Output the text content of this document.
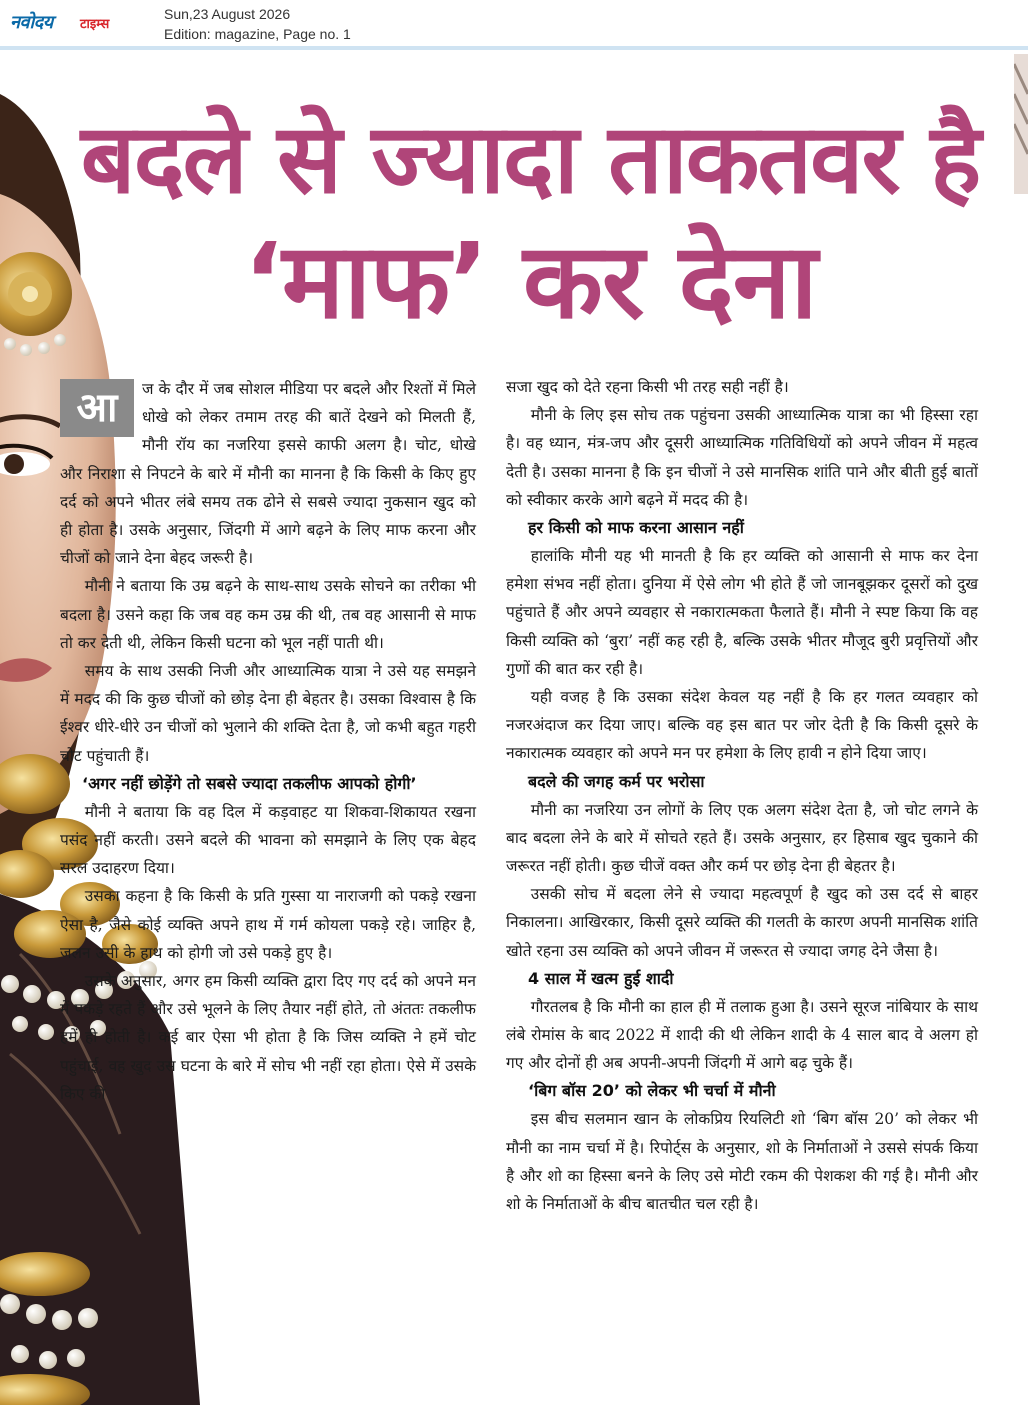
नवोदय टाइम्स
Sun,23 August 2026
Edition: magazine, Page no. 1
बदले से ज्यादा ताकतवर है
‘माफ’ कर देना
आ	ज के दौर में जब सोशल मीडिया पर बदले और रिश्तों में मिले धोखे को लेकर तमाम तरह की बातें देखने को मिलती हैं, मौनी रॉय का नजरिया इससे काफी अलग है। चोट, धोखे और निराशा से निपटने के बारे में मौनी का मानना है कि किसी के किए हुए दर्द को अपने भीतर लंबे समय तक ढोने से सबसे ज्यादा नुकसान खुद को ही होता है। उसके अनुसार, जिंदगी में आगे बढ़ने के लिए माफ करना और चीजों को जाने देना बेहद जरूरी है।

मौनी ने बताया कि उम्र बढ़ने के साथ-साथ उसके सोचने का तरीका भी बदला है। उसने कहा कि जब वह कम उम्र की थी, तब वह आसानी से माफ तो कर देती थी, लेकिन किसी घटना को भूल नहीं पाती थी।

समय के साथ उसकी निजी और आध्यात्मिक यात्रा ने उसे यह समझने में मदद की कि कुछ चीजों को छोड़ देना ही बेहतर है। उसका विश्वास है कि ईश्वर धीरे-धीरे उन चीजों को भुलाने की शक्ति देता है, जो कभी बहुत गहरी चोट पहुंचाती हैं।

‘अगर नहीं छोड़ेंगे तो सबसे ज्यादा तकलीफ आपको होगी’

मौनी ने बताया कि वह दिल में कड़वाहट या शिकवा-शिकायत रखना पसंद नहीं करती। उसने बदले की भावना को समझाने के लिए एक बेहद सरल उदाहरण दिया।

उसका कहना है कि किसी के प्रति गुस्सा या नाराजगी को पकड़े रखना ऐसा है, जैसे कोई व्यक्ति अपने हाथ में गर्म कोयला पकड़े रहे। जाहिर है, जलन उसी के हाथ को होगी जो उसे पकड़े हुए है।

उसके अनुसार, अगर हम किसी व्यक्ति द्वारा दिए गए दर्द को अपने मन में पकड़े रहते हैं और उसे भूलने के लिए तैयार नहीं होते, तो अंततः तकलीफ हमें ही होती है। कई बार ऐसा भी होता है कि जिस व्यक्ति ने हमें चोट पहुंचाई, वह खुद उस घटना के बारे में सोच भी नहीं रहा होता। ऐसे में उसके किए की

सजा खुद को देते रहना किसी भी तरह सही नहीं है।

मौनी के लिए इस सोच तक पहुंचना उसकी आध्यात्मिक यात्रा का भी हिस्सा रहा है। वह ध्यान, मंत्र-जप और दूसरी आध्यात्मिक गतिविधियों को अपने जीवन में महत्व देती है। उसका मानना है कि इन चीजों ने उसे मानसिक शांति पाने और बीती हुई बातों को स्वीकार करके आगे बढ़ने में मदद की है।

हर किसी को माफ करना आसान नहीं

हालांकि मौनी यह भी मानती है कि हर व्यक्ति को आसानी से माफ कर देना हमेशा संभव नहीं होता। दुनिया में ऐसे लोग भी होते हैं जो जानबूझकर दूसरों को दुख पहुंचाते हैं और अपने व्यवहार से नकारात्मकता फैलाते हैं। मौनी ने स्पष्ट किया कि वह किसी व्यक्ति को ‘बुरा’ नहीं कह रही है, बल्कि उसके भीतर मौजूद बुरी प्रवृत्तियों और गुणों की बात कर रही है।

यही वजह है कि उसका संदेश केवल यह नहीं है कि हर गलत व्यवहार को नजरअंदाज कर दिया जाए। बल्कि वह इस बात पर जोर देती है कि किसी दूसरे के नकारात्मक व्यवहार को अपने मन पर हमेशा के लिए हावी न होने दिया जाए।

बदले की जगह कर्म पर भरोसा

मौनी का नजरिया उन लोगों के लिए एक अलग संदेश देता है, जो चोट लगने के बाद बदला लेने के बारे में सोचते रहते हैं। उसके अनुसार, हर हिसाब खुद चुकाने की जरूरत नहीं होती। कुछ चीजें वक्त और कर्म पर छोड़ देना ही बेहतर है।

उसकी सोच में बदला लेने से ज्यादा महत्वपूर्ण है खुद को उस दर्द से बाहर निकालना। आखिरकार, किसी दूसरे व्यक्ति की गलती के कारण अपनी मानसिक शांति खोते रहना उस व्यक्ति को अपने जीवन में जरूरत से ज्यादा जगह देने जैसा है।

4 साल में खत्म हुई शादी

गौरतलब है कि मौनी का हाल ही में तलाक हुआ है। उसने सूरज नांबियार के साथ लंबे रोमांस के बाद 2022 में शादी की थी लेकिन शादी के 4 साल बाद वे अलग हो गए और दोनों ही अब अपनी-अपनी जिंदगी में आगे बढ़ चुके हैं।

‘बिग बॉस 20’ को लेकर भी चर्चा में मौनी

इस बीच सलमान खान के लोकप्रिय रियलिटी शो ‘बिग बॉस 20’ को लेकर भी मौनी का नाम चर्चा में है। रिपोर्ट्स के अनुसार, शो के निर्माताओं ने उससे संपर्क किया है और शो का हिस्सा बनने के लिए उसे मोटी रकम की पेशकश की गई है। मौनी और शो के निर्माताओं के बीच बातचीत चल रही है।
